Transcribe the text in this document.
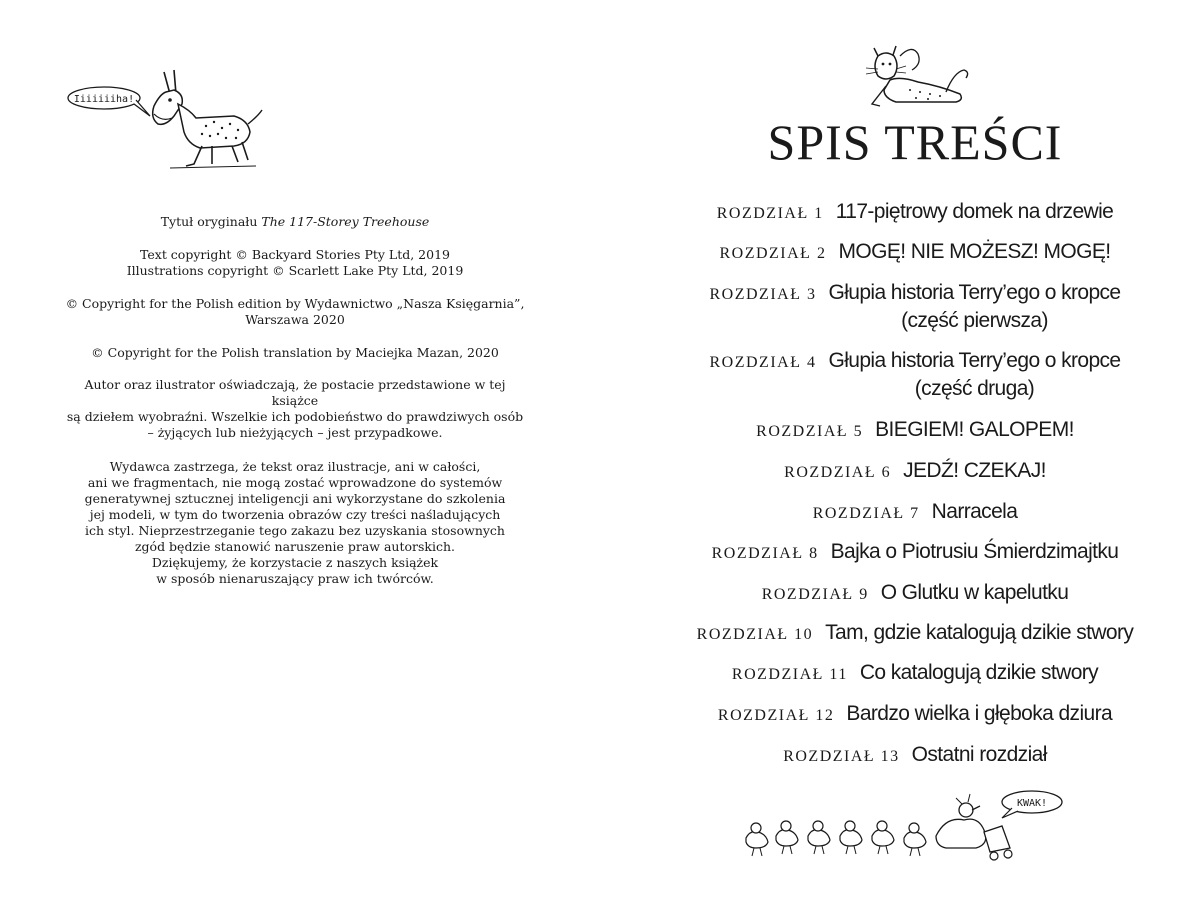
Iiiiiiiha!

Tytuł oryginału The 117-Storey Treehouse

Text copyright © Backyard Stories Pty Ltd, 2019

Illustrations copyright © Scarlett Lake Pty Ltd, 2019

© Copyright for the Polish edition by Wydawnictwo „Nasza Księgarnia”,

Warszawa 2020

© Copyright for the Polish translation by Maciejka Mazan, 2020

Autor oraz ilustrator oświadczają, że postacie przedstawione w tej książce

są dziełem wyobraźni. Wszelkie ich podobieństwo do prawdziwych osób

– żyjących lub nieżyjących – jest przypadkowe.

Wydawca zastrzega, że tekst oraz ilustracje, ani w całości,

ani we fragmentach, nie mogą zostać wprowadzone do systemów

generatywnej sztucznej inteligencji ani wykorzystane do szkolenia

jej modeli, w tym do tworzenia obrazów czy treści naśladujących

ich styl. Nieprzestrzeganie tego zakazu bez uzyskania stosownych

zgód będzie stanowić naruszenie praw autorskich.

Dziękujemy, że korzystacie z naszych książek

w sposób nienaruszający praw ich twórców.

SPIS TREŚCI
ROZDZIAŁ 1 117-piętrowy domek na drzewie
ROZDZIAŁ 2 MOGĘ! NIE MOŻESZ! MOGĘ!
ROZDZIAŁ 3 Głupia historia Terry’ego o kropce
(część pierwsza)
ROZDZIAŁ 4 Głupia historia Terry’ego o kropce
(część druga)
ROZDZIAŁ 5 BIEGIEM! GALOPEM!
ROZDZIAŁ 6 JEDŹ! CZEKAJ!
ROZDZIAŁ 7 Narracela
ROZDZIAŁ 8 Bajka o Piotrusiu Śmierdzimajtku
ROZDZIAŁ 9 O Glutku w kapelutku
ROZDZIAŁ 10 Tam, gdzie katalogują dzikie stwory
ROZDZIAŁ 11 Co katalogują dzikie stwory
ROZDZIAŁ 12 Bardzo wielka i głęboka dziura
ROZDZIAŁ 13 Ostatni rozdział
KWAK!
